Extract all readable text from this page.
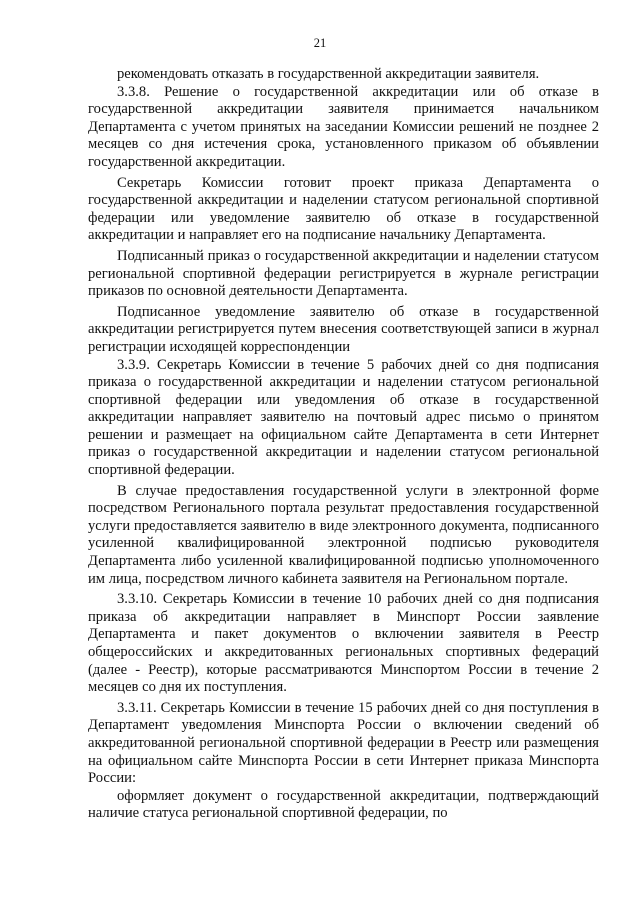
21

рекомендовать отказать в государственной аккредитации заявителя.

3.3.8. Решение о государственной аккредитации или об отказе в государственной аккредитации заявителя принимается начальником Департамента с учетом принятых на заседании Комиссии решений не позднее 2 месяцев со дня истечения срока, установленного приказом об объявлении государственной аккредитации.

Секретарь Комиссии готовит проект приказа Департамента о государственной аккредитации и наделении статусом региональной спортивной федерации или уведомление заявителю об отказе в государственной аккредитации и направляет его на подписание начальнику Департамента.

Подписанный приказ о государственной аккредитации и наделении статусом региональной спортивной федерации регистрируется в журнале регистрации приказов по основной деятельности Департамента.

Подписанное уведомление заявителю об отказе в государственной аккредитации регистрируется путем внесения соответствующей записи в журнал регистрации исходящей корреспонденции

3.3.9. Секретарь Комиссии в течение 5 рабочих дней со дня подписания приказа о государственной аккредитации и наделении статусом региональной спортивной федерации или уведомления об отказе в государственной аккредитации направляет заявителю на почтовый адрес письмо о принятом решении и размещает на официальном сайте Департамента в сети Интернет приказ о государственной аккредитации и наделении статусом региональной спортивной федерации.

В случае предоставления государственной услуги в электронной форме посредством Регионального портала результат предоставления государственной услуги предоставляется заявителю в виде электронного документа, подписанного усиленной квалифицированной электронной подписью руководителя Департамента либо усиленной квалифицированной подписью уполномоченного им лица, посредством личного кабинета заявителя на Региональном портале.

3.3.10. Секретарь Комиссии в течение 10 рабочих дней со дня подписания приказа об аккредитации направляет в Минспорт России заявление Департамента и пакет документов о включении заявителя в Реестр общероссийских и аккредитованных региональных спортивных федераций (далее - Реестр), которые рассматриваются Минспортом России в течение 2 месяцев со дня их поступления.

3.3.11. Секретарь Комиссии в течение 15 рабочих дней со дня поступления в Департамент уведомления Минспорта России о включении сведений об аккредитованной региональной спортивной федерации в Реестр или размещения на официальном сайте Минспорта России в сети Интернет приказа Минспорта России:

оформляет документ о государственной аккредитации, подтверждающий наличие статуса региональной спортивной федерации, по
